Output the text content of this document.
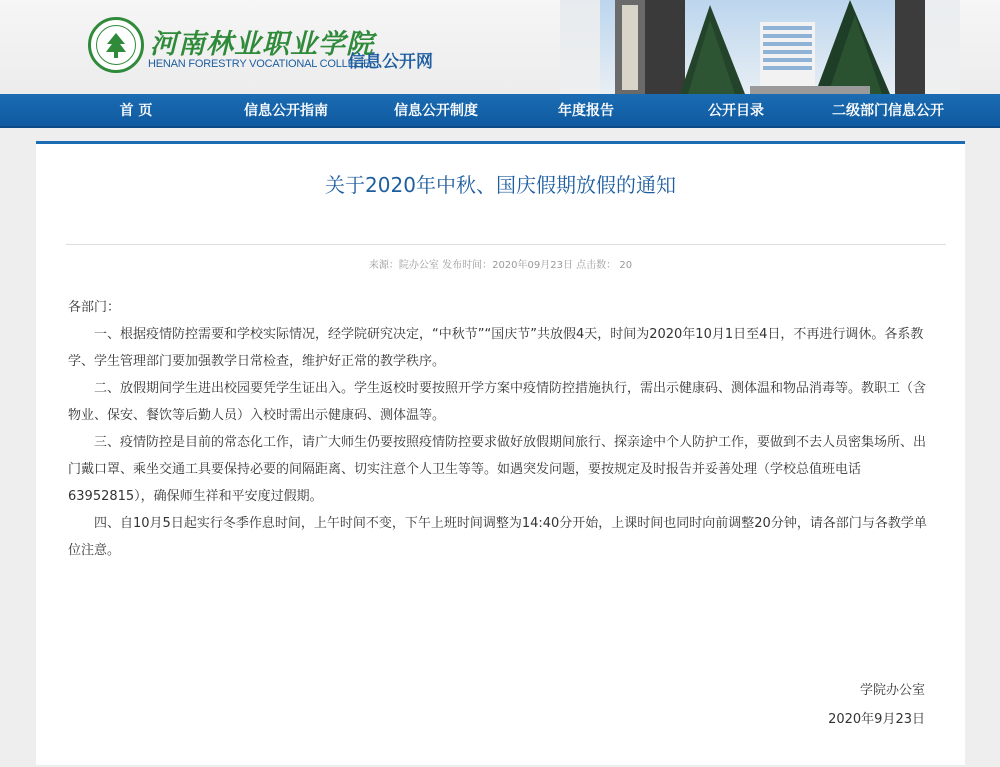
河南林业职业学院
HENAN FORESTRY VOCATIONAL COLLEGE
信息公开网
首 页	信息公开指南	信息公开制度	年度报告	公开目录	二级部门信息公开
关于2020年中秋、国庆假期放假的通知
来源：院办公室 发布时间：2020年09月23日 点击数： 20

各部门：

一、根据疫情防控需要和学校实际情况，经学院研究决定，“中秋节”“国庆节”共放假4天，时间为2020年10月1日至4日，不再进行调休。各系教学、学生管理部门要加强教学日常检查，维护好正常的教学秩序。

二、放假期间学生进出校园要凭学生证出入。学生返校时要按照开学方案中疫情防控措施执行，需出示健康码、测体温和物品消毒等。教职工（含物业、保安、餐饮等后勤人员）入校时需出示健康码、测体温等。

三、疫情防控是目前的常态化工作，请广大师生仍要按照疫情防控要求做好放假期间旅行、探亲途中个人防护工作，要做到不去人员密集场所、出门戴口罩、乘坐交通工具要保持必要的间隔距离、切实注意个人卫生等等。如遇突发问题，要按规定及时报告并妥善处理（学校总值班电话63952815），确保师生祥和平安度过假期。

四、自10月5日起实行冬季作息时间，上午时间不变，下午上班时间调整为14:40分开始，上课时间也同时向前调整20分钟，请各部门与各教学单位注意。

学院办公室
2020年9月23日
